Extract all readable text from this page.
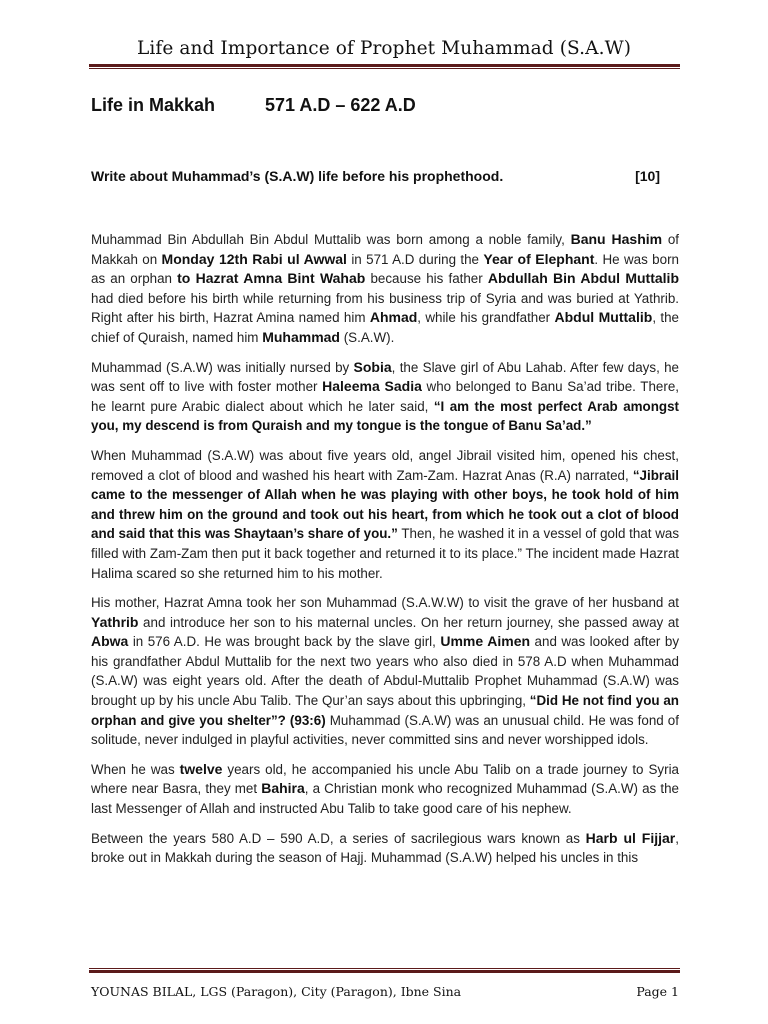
Life and Importance of Prophet Muhammad (S.A.W)
Life in Makkah	571 A.D – 622 A.D
Write about Muhammad’s (S.A.W) life before his prophethood.	[10]

Muhammad Bin Abdullah Bin Abdul Muttalib was born among a noble family, Banu Hashim of Makkah on Monday 12th Rabi ul Awwal in 571 A.D during the Year of Elephant. He was born as an orphan to Hazrat Amna Bint Wahab because his father Abdullah Bin Abdul Muttalib had died before his birth while returning from his business trip of Syria and was buried at Yathrib. Right after his birth, Hazrat Amina named him Ahmad, while his grandfather Abdul Muttalib, the chief of Quraish, named him Muhammad (S.A.W).

Muhammad (S.A.W) was initially nursed by Sobia, the Slave girl of Abu Lahab. After few days, he was sent off to live with foster mother Haleema Sadia who belonged to Banu Sa’ad tribe. There, he learnt pure Arabic dialect about which he later said, “I am the most perfect Arab amongst you, my descend is from Quraish and my tongue is the tongue of Banu Sa’ad.”

When Muhammad (S.A.W) was about five years old, angel Jibrail visited him, opened his chest, removed a clot of blood and washed his heart with Zam-Zam. Hazrat Anas (R.A) narrated, “Jibrail came to the messenger of Allah when he was playing with other boys, he took hold of him and threw him on the ground and took out his heart, from which he took out a clot of blood and said that this was Shaytaan’s share of you.” Then, he washed it in a vessel of gold that was filled with Zam-Zam then put it back together and returned it to its place.” The incident made Hazrat Halima scared so she returned him to his mother.

His mother, Hazrat Amna took her son Muhammad (S.A.W.W) to visit the grave of her husband at Yathrib and introduce her son to his maternal uncles. On her return journey, she passed away at Abwa in 576 A.D. He was brought back by the slave girl, Umme Aimen and was looked after by his grandfather Abdul Muttalib for the next two years who also died in 578 A.D when Muhammad (S.A.W) was eight years old. After the death of Abdul-Muttalib Prophet Muhammad (S.A.W) was brought up by his uncle Abu Talib. The Qur’an says about this upbringing, “Did He not find you an orphan and give you shelter”? (93:6) Muhammad (S.A.W) was an unusual child. He was fond of solitude, never indulged in playful activities, never committed sins and never worshipped idols.

When he was twelve years old, he accompanied his uncle Abu Talib on a trade journey to Syria where near Basra, they met Bahira, a Christian monk who recognized Muhammad (S.A.W) as the last Messenger of Allah and instructed Abu Talib to take good care of his nephew.

Between the years 580 A.D – 590 A.D, a series of sacrilegious wars known as Harb ul Fijjar, broke out in Makkah during the season of Hajj. Muhammad (S.A.W) helped his uncles in this

YOUNAS BILAL, LGS (Paragon), City (Paragon), Ibne Sina	Page 1
